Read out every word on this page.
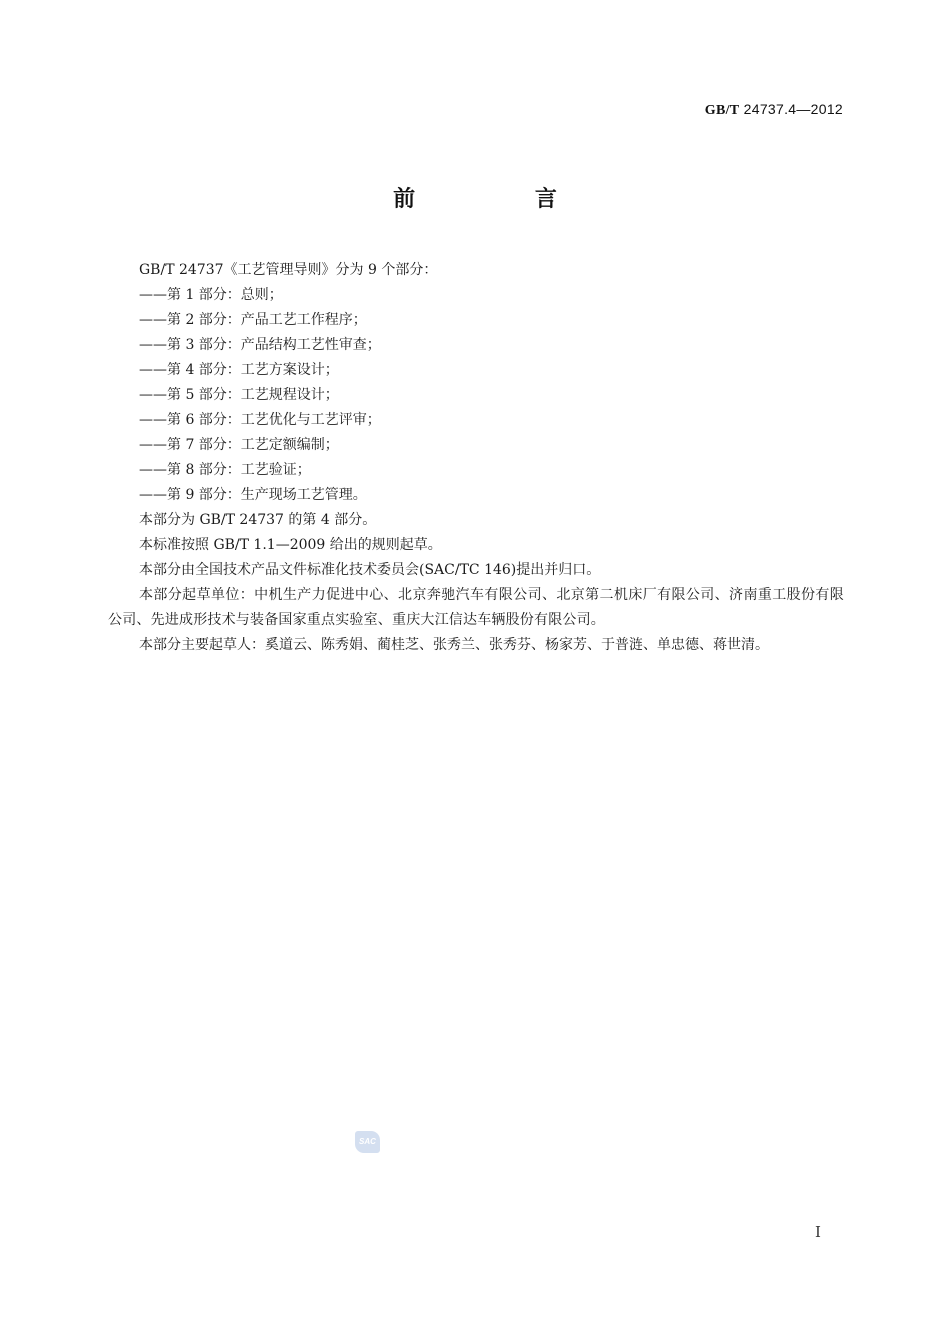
GB/T 24737.4—2012
前 言

GB/T 24737《工艺管理导则》分为 9 个部分：

——第 1 部分：总则；

——第 2 部分：产品工艺工作程序；

——第 3 部分：产品结构工艺性审查；

——第 4 部分：工艺方案设计；

——第 5 部分：工艺规程设计；

——第 6 部分：工艺优化与工艺评审；

——第 7 部分：工艺定额编制；

——第 8 部分：工艺验证；

——第 9 部分：生产现场工艺管理。

本部分为 GB/T 24737 的第 4 部分。

本标准按照 GB/T 1.1—2009 给出的规则起草。

本部分由全国技术产品文件标准化技术委员会(SAC/TC 146)提出并归口。

本部分起草单位：中机生产力促进中心、北京奔驰汽车有限公司、北京第二机床厂有限公司、济南重工股份有限公司、先进成形技术与装备国家重点实验室、重庆大江信达车辆股份有限公司。

本部分主要起草人：奚道云、陈秀娟、蔺桂芝、张秀兰、张秀芬、杨家芳、于普涟、单忠德、蒋世清。

SAC
I
